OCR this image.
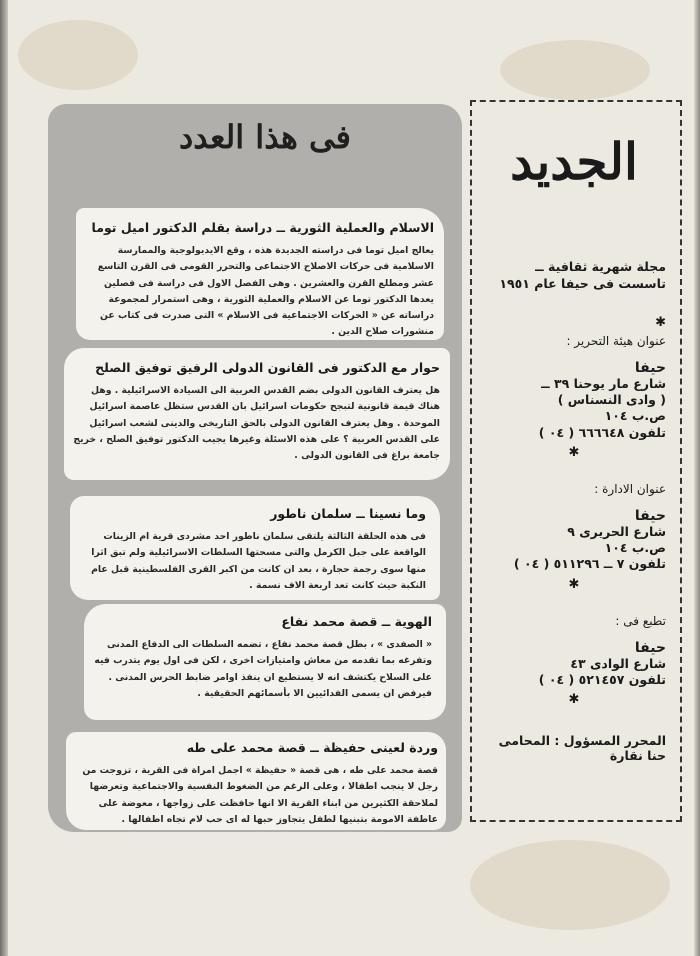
الجديد
مجلة شهرية ثقافية ــ
تاسست فى حيفا عام ١٩٥١
✱
عنوان هيئة التحرير :
حيفا
شارع مار يوحنا ٣٩ ــ
( وادى النسناس )
ص.ب ١٠٤
تلفون ٦٦٦٦٤٨ ( ٠٤ )
✱
عنوان الادارة :
حيفا
شارع الحريرى ٩
ص.ب ١٠٤
تلفون ٧ ــ ٥١١٢٩٦ ( ٠٤ )
✱
تطبع فى :
حيفا
شارع الوادى ٤٣
تلفون ٥٢١٤٥٧ ( ٠٤ )
✱
المحرر المسؤول : المحامى حنا نقارة
فى هذا العدد
الاسلام والعملية الثورية ــ دراسة بقلم الدكتور اميل توما
يعالج اميل توما فى دراسته الجديدة هذه ، وقع الايديولوجية والممارسة الاسلامية فى حركات الاصلاح الاجتماعى والتحرر القومى فى القرن التاسع عشر ومطلع القرن والعشرين . وهى الفصل الاول فى دراسة فى فصلين يعدها الدكتور توما عن الاسلام والعملية الثورية ، وهى استمرار لمجموعة دراساته عن « الحركات الاجتماعية فى الاسلام » التى صدرت فى كتاب عن منشورات صلاح الدين .
حوار مع الدكتور فى القانون الدولى الرفيق توفيق الصلح
هل يعترف القانون الدولى بضم القدس العربية الى السيادة الاسرائيلية . وهل هناك قيمة قانونية لتبجح حكومات اسرائيل بان القدس ستظل عاصمة اسرائيل الموحدة . وهل يعترف القانون الدولى بالحق التاريخى والدينى لشعب اسرائيل على القدس العربية ؟ على هذه الاسئلة وغيرها يجيب الدكتور توفيق الصلح ، خريج جامعة براغ فى القانون الدولى .
وما نسينا ــ سلمان ناطور
فى هذه الحلقة الثالثة يلتقى سلمان ناطور احد مشردى قرية ام الزينات الواقعة على جبل الكرمل والتى مسحتها السلطات الاسرائيلية ولم تبق اثرا منها سوى رجمة حجارة ، بعد ان كانت من اكبر القرى الفلسطينية قبل عام النكبة حيث كانت تعد اربعة الاف نسمة .
الهوية ــ قصة محمد نفاع
« الصفدى » ، بطل قصة محمد نفاع ، تضمه السلطات الى الدفاع المدنى وتفرغه بما تقدمه من معاش وامتيازات اخرى ، لكن فى اول يوم يتدرب فيه على السلاح يكتشف انه لا يستطيع ان ينفذ اوامر ضابط الحرس المدنى . فيرفض ان يسمى الفدائيين الا بأسمائهم الحقيقية .
وردة لعينى حفيظة ــ قصة محمد على طه
قصة محمد على طه ، هى قصة « حفيظة » اجمل امراة فى القرية ، تزوجت من رجل لا ينجب اطفالا ، وعلى الرغم من الضغوط النفسية والاجتماعية وتعرضها لملاحقة الكثيرين من ابناء القرية الا انها حافظت على زواجها ، معوضة على عاطفة الامومة بتبنيها لطفل يتجاوز حبها له اى حب لام تجاه اطفالها .
